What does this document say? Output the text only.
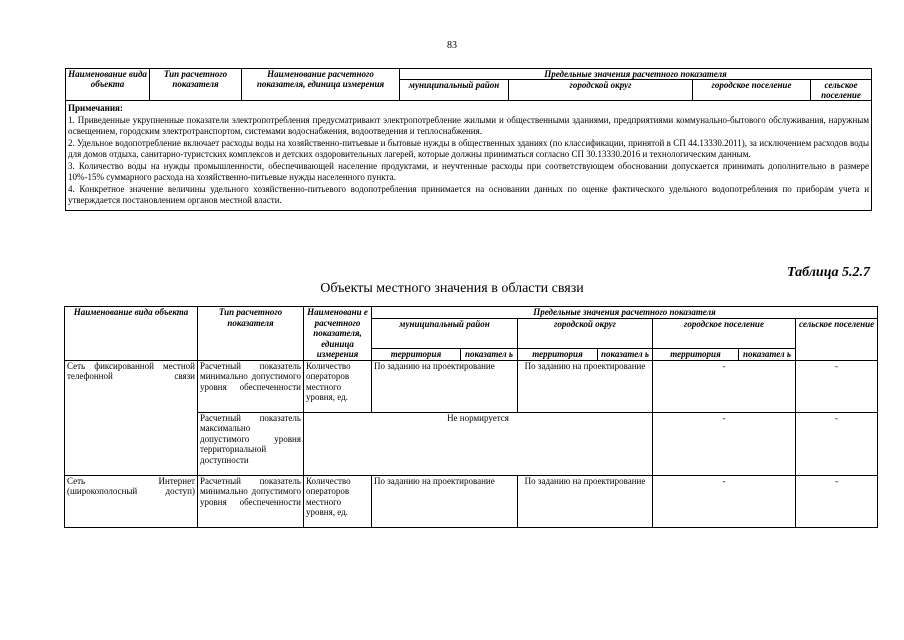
83
Наименование вида объекта	Тип расчетного показателя	Наименование расчетного показателя, единица измерения	Предельные значения расчетного показателя			
			муниципальный район	городской округ	городское поселение	сельское поселение
Примечания:
1. Приведенные укрупненные показатели электропотребления предусматривают электропотребление жилыми и общественными зданиями, предприятиями коммунально-бытового обслуживания, наружным освещением, городским электротранспортом, системами водоснабжения, водоотведения и теплоснабжения.
2. Удельное водопотребление включает расходы воды на хозяйственно-питьевые и бытовые нужды в общественных зданиях (по классификации, принятой в СП 44.13330.2011), за исключением расходов воды для домов отдыха, санитарно-туристских комплексов и детских оздоровительных лагерей, которые должны приниматься согласно СП 30.13330.2016 и технологическим данным.
3. Количество воды на нужды промышленности, обеспечивающей население продуктами, и неучтенные расходы при соответствующем обосновании допускается принимать дополнительно в размере 10%-15% суммарного расхода на хозяйственно-питьевые нужды населенного пункта.
4. Конкретное значение величины удельного хозяйственно-питьевого водопотребления принимается на основании данных по оценке фактического удельного водопотребления по приборам учета и утверждается постановлением органов местной власти.						
Таблица 5.2.7
Объекты местного значения в области связи
Наименование вида объекта	Тип расчетного показателя	Наименовани е расчетного показателя, единица измерения	Предельные значения расчетного показателя						
			муниципальный район		городской округ		городское поселение		сельское поселение
			территория	показател ь	территория	показател ь	территория	показател ь	
Сеть фиксированной местной телефонной связи	Расчетный показатель минимально допустимого уровня обеспеченности	Количество операторов местного уровня, ед.	По заданию на проектирование		По заданию на проектирование		-		-
	Расчетный показатель максимально допустимого уровня территориальной доступности	Не нормируется					-		-
Сеть Интернет (широкополосный доступ)	Расчетный показатель минимально допустимого уровня обеспеченности	Количество операторов местного уровня, ед.	По заданию на проектирование		По заданию на проектирование		-		-
